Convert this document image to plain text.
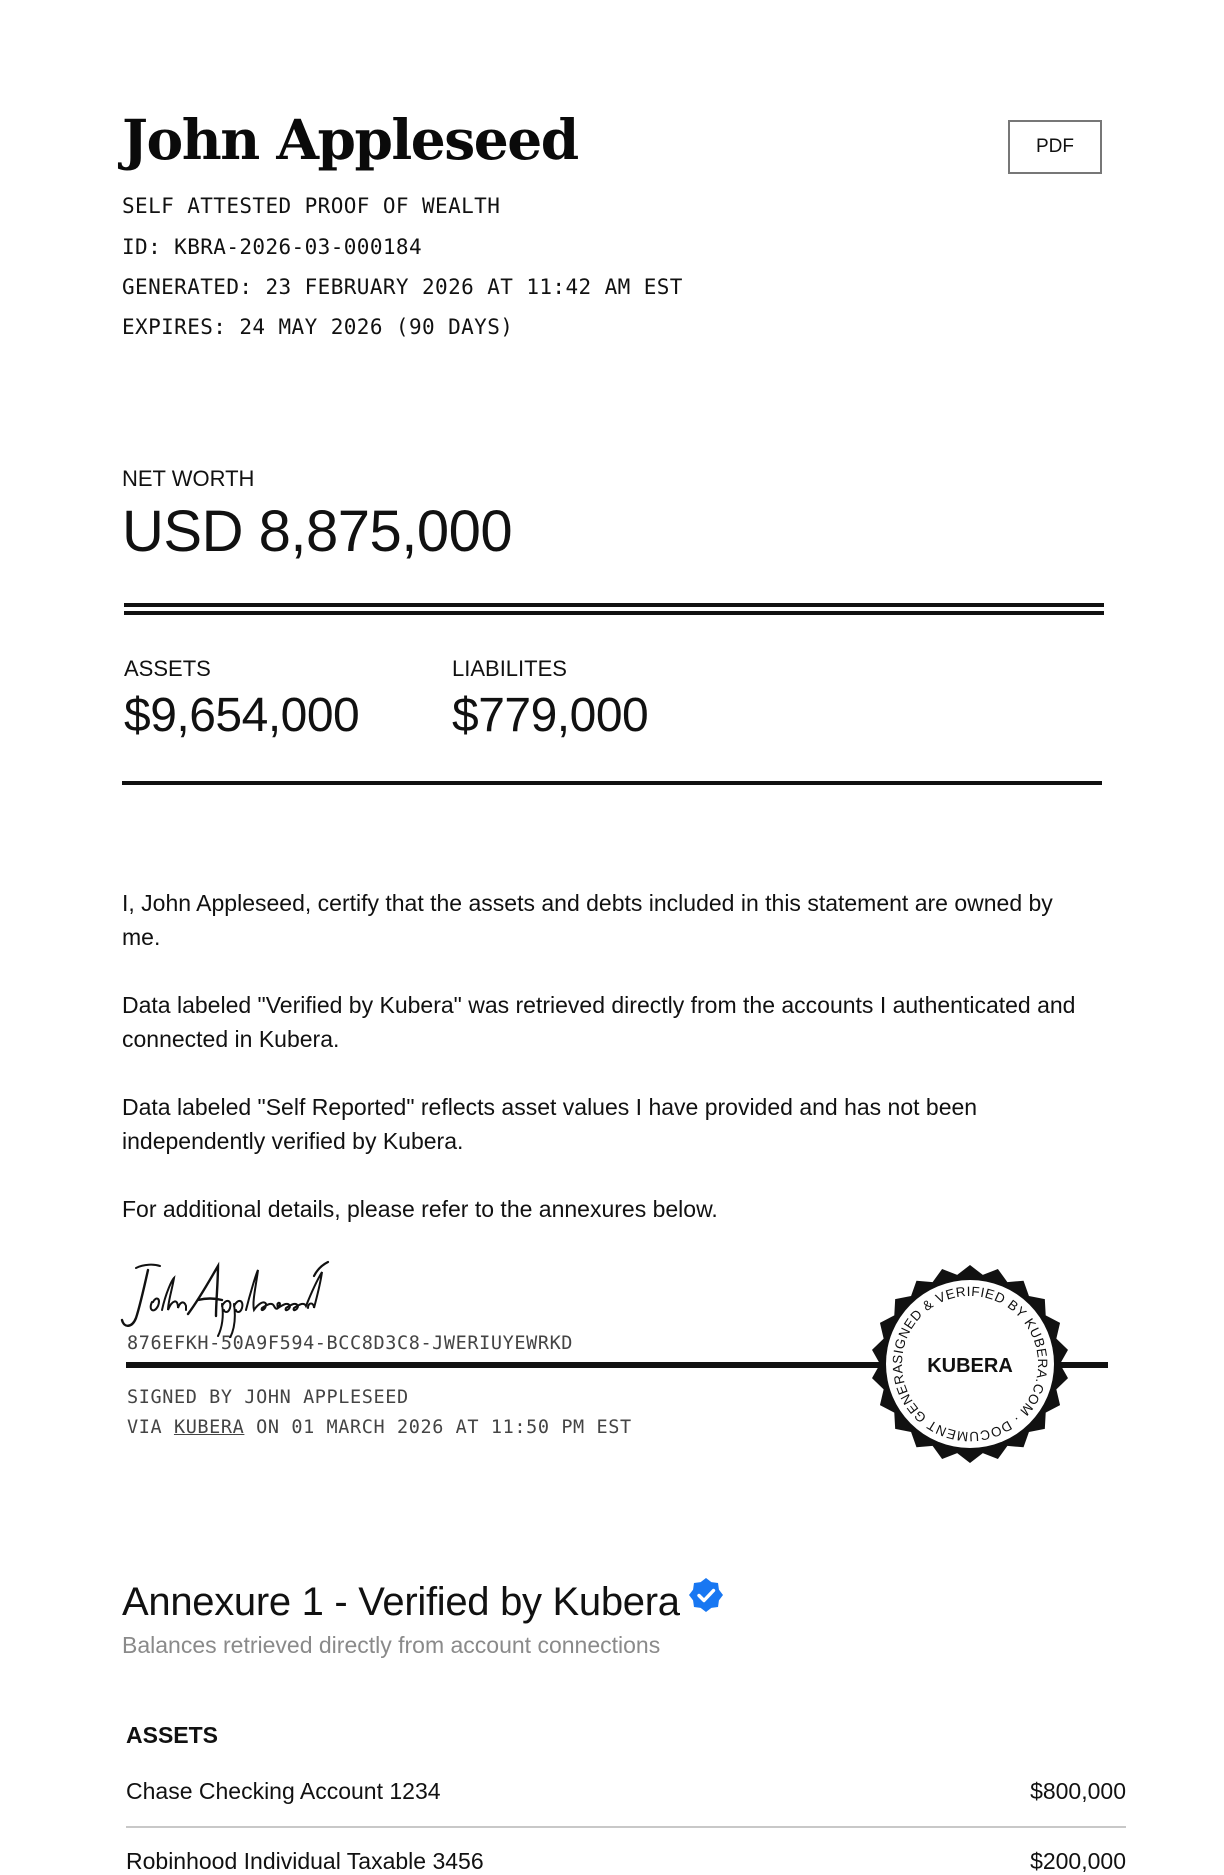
John Appleseed	PDF
SELF ATTESTED PROOF OF WEALTH
ID: KBRA-2026-03-000184
GENERATED: 23 FEBRUARY 2026 AT 11:42 AM EST
EXPIRES: 24 MAY 2026 (90 DAYS)
NET WORTH
USD 8,875,000
ASSETS
$9,654,000
LIABILITES
$779,000

I, John Appleseed, certify that the assets and debts included in this statement are owned by me.

Data labeled "Verified by Kubera" was retrieved directly from the accounts I authenticated and connected in Kubera.

Data labeled "Self Reported" reflects asset values I have provided and has not been independently verified by Kubera.

For additional details, please refer to the annexures below.

876EFKH-50A9F594-BCC8D3C8-JWERIUYEWRKD
SIGNED BY JOHN APPLESEED
VIA KUBERA ON 01 MARCH 2026 AT 11:50 PM EST
SIGNED & VERIFIED BY KUBERA.COM · DOCUMENT GENERA	KUBERA
Annexure 1 - Verified by Kubera
Balances retrieved directly from account connections
ASSETS
Chase Checking Account 1234	$800,000
Robinhood Individual Taxable 3456	$200,000
